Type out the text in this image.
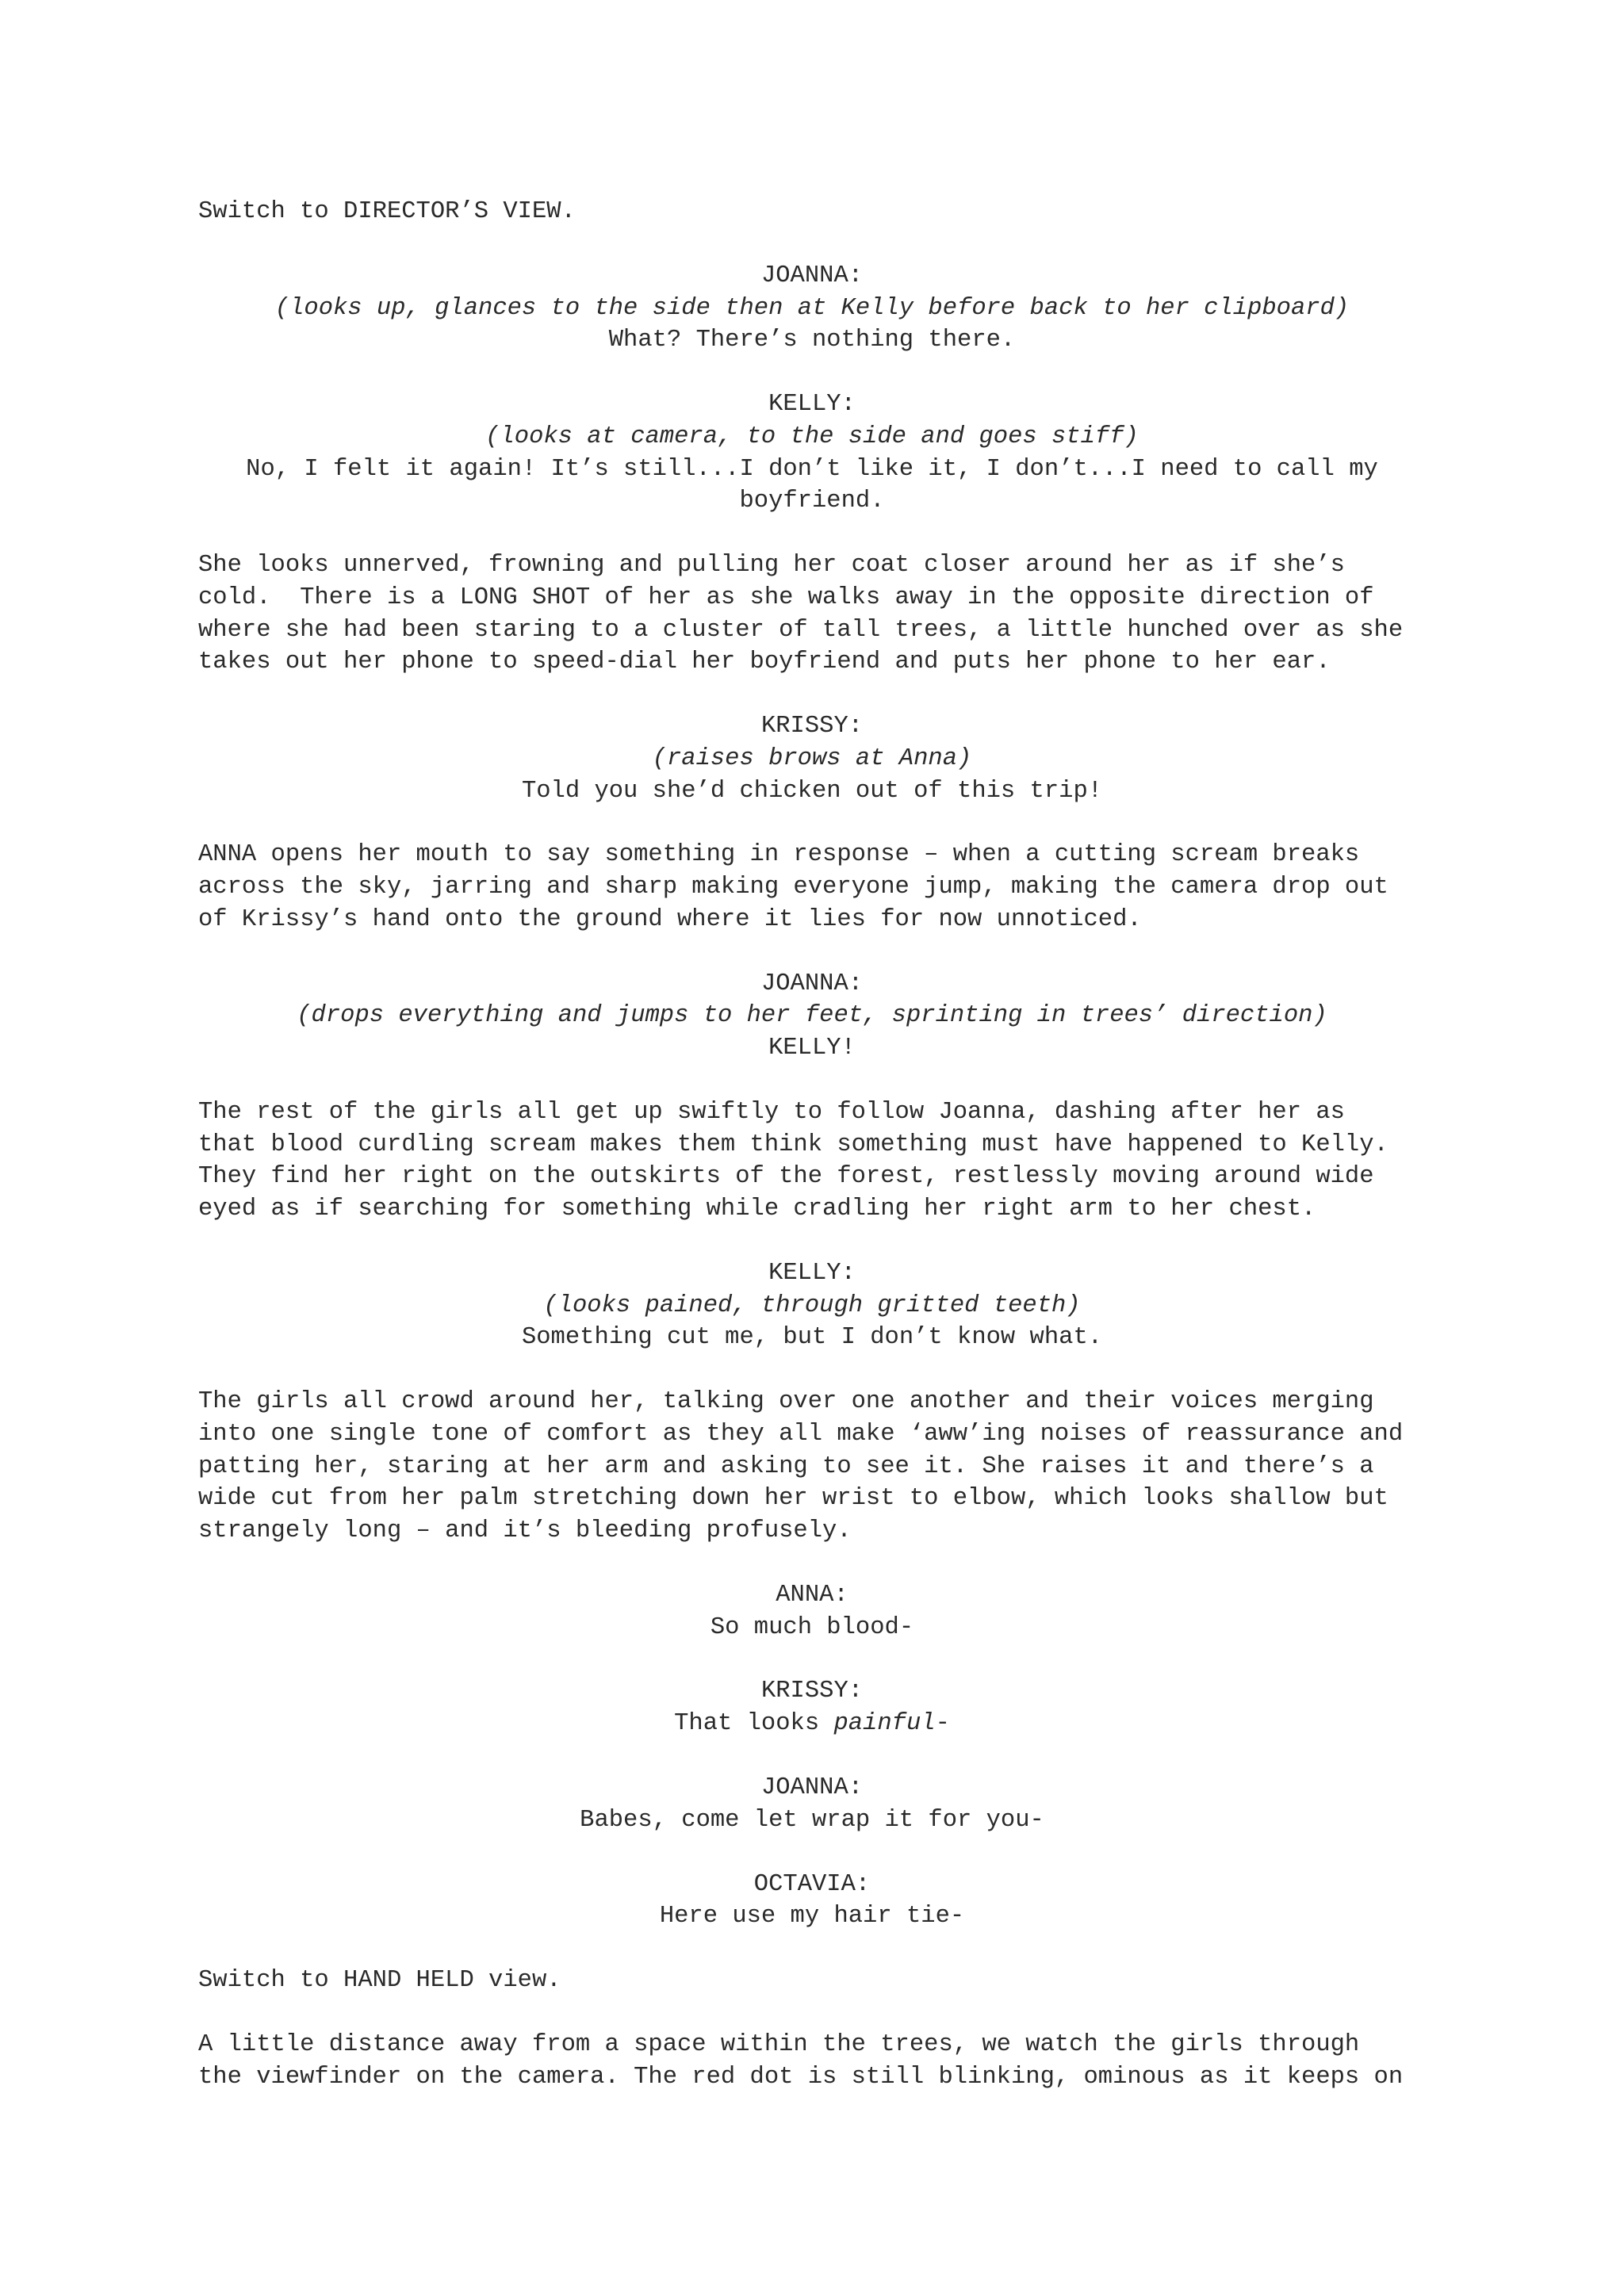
Switch to DIRECTOR’S VIEW.

JOANNA:

(looks up, glances to the side then at Kelly before back to her clipboard)

What? There’s nothing there.

KELLY:

(looks at camera, to the side and goes stiff)

No, I felt it again! It’s still...I don’t like it, I don’t...I need to call my

boyfriend.

She looks unnerved, frowning and pulling her coat closer around her as if she’s

cold.  There is a LONG SHOT of her as she walks away in the opposite direction of

where she had been staring to a cluster of tall trees, a little hunched over as she

takes out her phone to speed-dial her boyfriend and puts her phone to her ear.

KRISSY:

(raises brows at Anna)

Told you she’d chicken out of this trip!

ANNA opens her mouth to say something in response – when a cutting scream breaks

across the sky, jarring and sharp making everyone jump, making the camera drop out

of Krissy’s hand onto the ground where it lies for now unnoticed.

JOANNA:

(drops everything and jumps to her feet, sprinting in trees’ direction)

KELLY!

The rest of the girls all get up swiftly to follow Joanna, dashing after her as

that blood curdling scream makes them think something must have happened to Kelly.

They find her right on the outskirts of the forest, restlessly moving around wide

eyed as if searching for something while cradling her right arm to her chest.

KELLY:

(looks pained, through gritted teeth)

Something cut me, but I don’t know what.

The girls all crowd around her, talking over one another and their voices merging

into one single tone of comfort as they all make ‘aww’ing noises of reassurance and

patting her, staring at her arm and asking to see it. She raises it and there’s a

wide cut from her palm stretching down her wrist to elbow, which looks shallow but

strangely long – and it’s bleeding profusely.

ANNA:

So much blood-

KRISSY:

That looks painful-

JOANNA:

Babes, come let wrap it for you-

OCTAVIA:

Here use my hair tie-

Switch to HAND HELD view.

A little distance away from a space within the trees, we watch the girls through

the viewfinder on the camera. The red dot is still blinking, ominous as it keeps on
